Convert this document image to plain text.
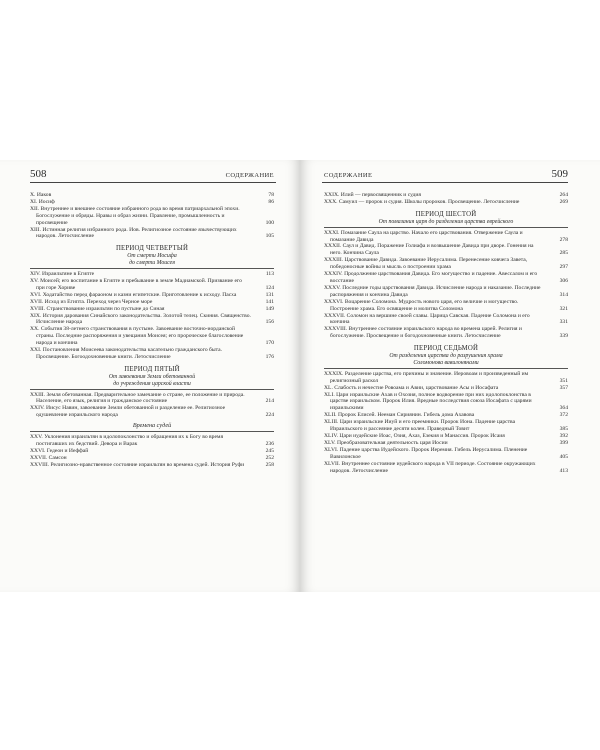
508	СОДЕРЖАНИЕ
X. Иаков	78
XI. Иосиф	86
XII. Внутреннее и внешнее состояние избранного рода во время патриархальной эпохи. Богослужение и обряды. Нравы и образ жизни. Правление, промышленность и просвещение	100
XIII. Истинная религия избранного рода. Иов. Религиозное состояние язычествующих народов. Летосчисление	105
ПЕРИОД ЧЕТВЕРТЫЙ
От смерти Иосифа
до смерти Моисея
XIV. Израильтяне в Египте	113
XV. Моисей; его воспитание в Египте и пребывание в земле Мадиамской. Призвание его при горе Хориве	124
XVI. Ходатайство перед фараоном и казни египетские. Приготовление к исходу. Пасха	131
XVII. Исход из Египта. Переход через Черное море	141
XVIII. Странствование израильтян по пустыне до Синая	149
XIX. История дарования Синайского законодательства. Золотой телец. Скиния. Священство. Исчисление народа	156
XX. События 38-летнего странствования в пустыне. Завоевание восточно-иорданской страны. Последние распоряжения и увещания Моисея; его пророческое благословение народа и кончина	170
XXI. Постановления Моисеева законодательства касательно гражданского быта. Просвещение. Богоодохновенные книги. Летосчисление	176
ПЕРИОД ПЯТЫЙ
От завоевания Земли обетованной
до учреждения царской власти
XXIII. Земля обетованная. Предварительное замечание о стране, ее положение и природа. Население, его язык, религия и гражданское состояние	214
XXIV. Иисус Навин, завоевание Земли обетованной и разделение ее. Религиозное одушевление израильского народа	224
Времена судей
XXV. Уклонения израильтян в идолопоклонство и обращения их к Богу во время постигавших их бедствий. Девора и Варак	236
XXVI. Гедеон и Иеффай	245
XXVII. Самсон	252
XXVIII. Религиозно-нравственное состояние израильтян во времена судей. История Руфи	258
СОДЕРЖАНИЕ	509
XXIX. Илий — первосвященник и судия	264
XXX. Самуил — пророк и судия. Школы пророков. Просвещение. Летосчисление	269
ПЕРИОД ШЕСТОЙ
От помазания царя до разделения царства еврейского
XXXI. Помазание Саула на царство. Начало его царствования. Отвержение Саула и помазание Давида	278
XXXII. Саул и Давид. Поражение Голиафа и возвышение Давида при дворе. Гонения на него. Кончина Саула	285
XXXIII. Царствование Давида. Завоевание Иерусалима. Перенесение ковчега Завета, победоносные войны и мысль о построении храма	297
XXXIV. Продолжение царствования Давида. Его могущество и падение. Авессалом и его восстание	306
XXXV. Последние годы царствования Давида. Исчисление народа и наказание. Последние распоряжения и кончина Давида	314
XXXVI. Воцарение Соломона. Мудрость нового царя, его величие и могущество. Построение храма. Его освящение и молитва Соломона	321
XXXVII. Соломон на вершине своей славы. Царица Савская. Падение Соломона и его кончина	331
XXXVIII. Внутреннее состояние израильского народа во времена царей. Религия и богослужение. Просвещение и богодохновенные книги. Летосчисление	339
ПЕРИОД СЕДЬМОЙ
От разделения царства до разрушения храма
Соломонова вавилонянами
XXXIX. Разделение царства, его причины и значение. Иеровоам и произведенный им религиозный раскол	351
XL. Слабость и нечестие Ровоама и Авии, царствование Асы и Иосафата	357
XLI. Цари израильские Ахав и Охозия, полное водворение при них идолопоклонства в царстве израильском. Пророк Илия. Вредные последствия союза Иосафата с царями израильскими	364
XLII. Пророк Елисей. Нееман Сириянин. Гибель дома Ахавова	372
XLIII. Цари израильские Ииуй и его преемники. Пророк Иона. Падение царства Израильского и рассеяние десяти колен. Праведный Товит	385
XLIV. Цари иудейские Иоас, Озия, Ахаз, Езекия и Манассия. Пророк Исаия	392
XLV. Преобразовательная деятельность царя Иосии	399
XLVI. Падение царства Иудейского. Пророк Иеремия. Гибель Иерусалима. Пленение Вавилонское	405
XLVII. Внутреннее состояние иудейского народа в VII периоде. Состояние окружающих народов. Летосчисление	413
